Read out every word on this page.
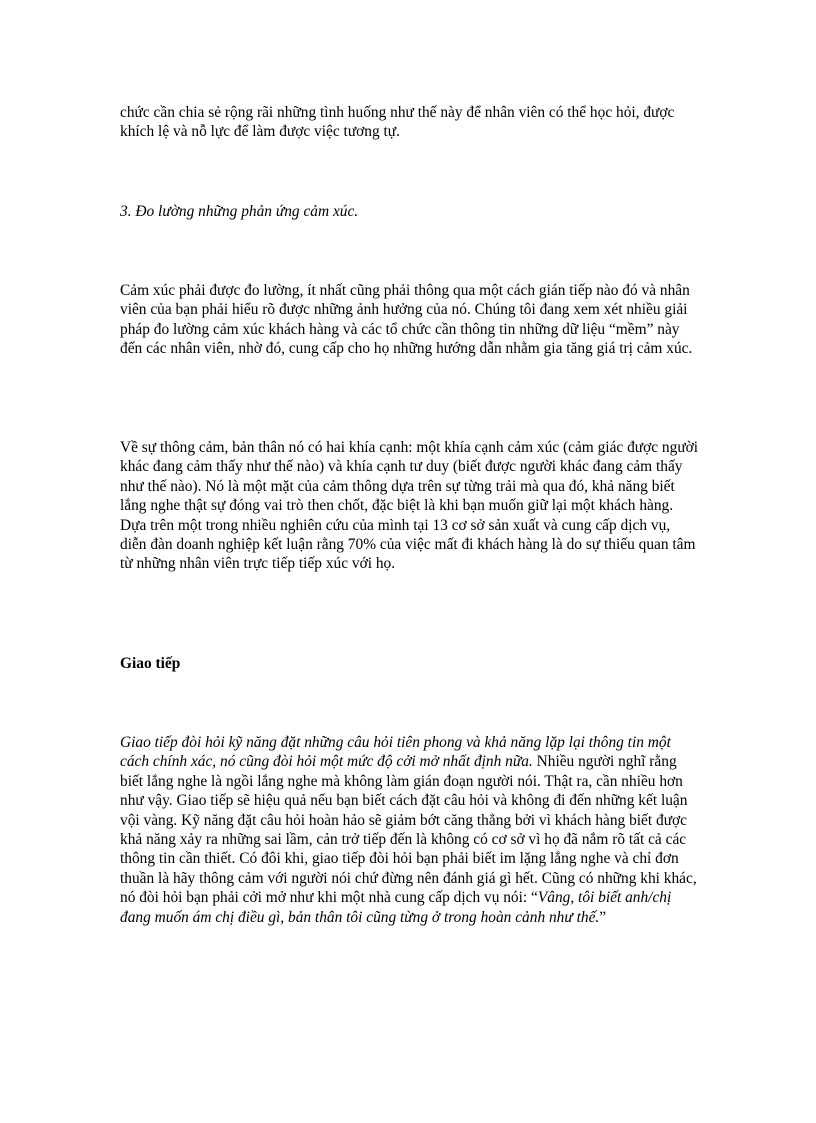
chức cần chia sẻ rộng rãi những tình huống như thế này để nhân viên có thể học hỏi, được khích lệ và nỗ lực để làm được việc tương tự.

3. Đo lường những phản ứng cảm xúc.

Cảm xúc phải được đo lường, ít nhất cũng phải thông qua một cách gián tiếp nào đó và nhân viên của bạn phải hiểu rõ được những ảnh hưởng của nó. Chúng tôi đang xem xét nhiều giải pháp đo lường cảm xúc khách hàng và các tổ chức cần thông tin những dữ liệu “mềm” này đến các nhân viên, nhờ đó, cung cấp cho họ những hướng dẫn nhằm gia tăng giá trị cảm xúc.

Về sự thông cảm, bản thân nó có hai khía cạnh: một khía cạnh cảm xúc (cảm giác được người khác đang cảm thấy như thế nào) và khía cạnh tư duy (biết được người khác đang cảm thấy như thế nào). Nó là một mặt của cảm thông dựa trên sự từng trải mà qua đó, khả năng biết lắng nghe thật sự đóng vai trò then chốt, đặc biệt là khi bạn muốn giữ lại một khách hàng. Dựa trên một trong nhiều nghiên cứu của mình tại 13 cơ sở sản xuất và cung cấp dịch vụ, diễn đàn doanh nghiệp kết luận rằng 70% của việc mất đi khách hàng là do sự thiếu quan tâm từ những nhân viên trực tiếp tiếp xúc với họ.

Giao tiếp

Giao tiếp đòi hỏi kỹ năng đặt những câu hỏi tiên phong và khả năng lặp lại thông tin một cách chính xác, nó cũng đòi hỏi một mức độ cởi mở nhất định nữa. Nhiều người nghĩ rằng biết lắng nghe là ngồi lắng nghe mà không làm gián đoạn người nói. Thật ra, cần nhiều hơn như vậy. Giao tiếp sẽ hiệu quả nếu bạn biết cách đặt câu hỏi và không đi đến những kết luận vội vàng. Kỹ năng đặt câu hỏi hoàn hảo sẽ giảm bớt căng thẳng bởi vì khách hàng biết được khả năng xảy ra những sai lầm, cản trở tiếp đến là không có cơ sở vì họ đã nắm rõ tất cả các thông tin cần thiết. Có đôi khi, giao tiếp đòi hỏi bạn phải biết im lặng lắng nghe và chỉ đơn thuần là hãy thông cảm với người nói chứ đừng nên đánh giá gì hết. Cũng có những khi khác, nó đòi hỏi bạn phải cởi mở như khi một nhà cung cấp dịch vụ nói: “Vâng, tôi biết anh/chị đang muốn ám chị điều gì, bản thân tôi cũng từng ở trong hoàn cảnh như thế.”
